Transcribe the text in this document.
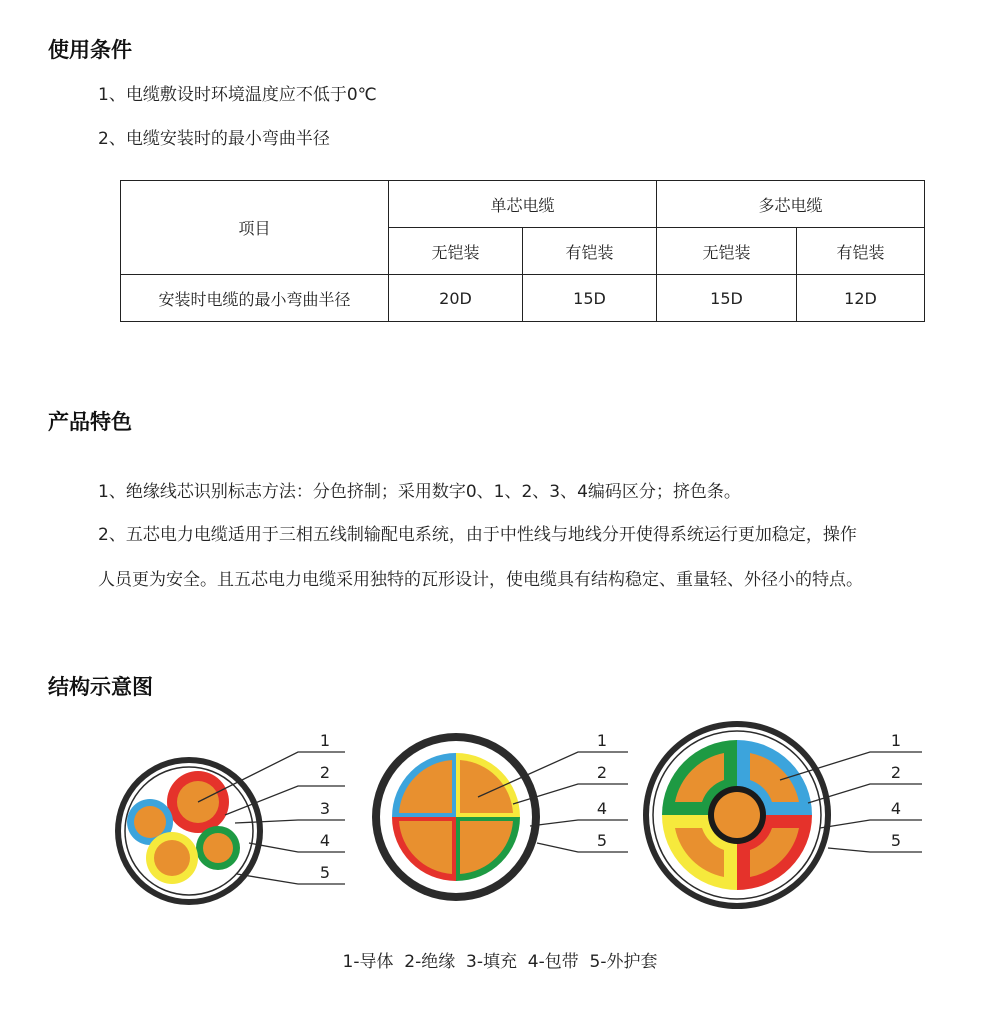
使用条件

1、电缆敷设时环境温度应不低于0℃

2、电缆安装时的最小弯曲半径

项目	单芯电缆		多芯电缆	
	无铠装	有铠装	无铠装	有铠装
安装时电缆的最小弯曲半径	20D	15D	15D	12D
产品特色

1、绝缘线芯识别标志方法：分色挤制；采用数字0、1、2、3、4编码区分；挤色条。

2、五芯电力电缆适用于三相五线制输配电系统，由于中性线与地线分开使得系统运行更加稳定，操作

人员更为安全。且五芯电力电缆采用独特的瓦形设计，使电缆具有结构稳定、重量轻、外径小的特点。

结构示意图
1
2
3
4
5
1
2
4
5
1
2
4
5

1-导体  2-绝缘  3-填充  4-包带  5-外护套
